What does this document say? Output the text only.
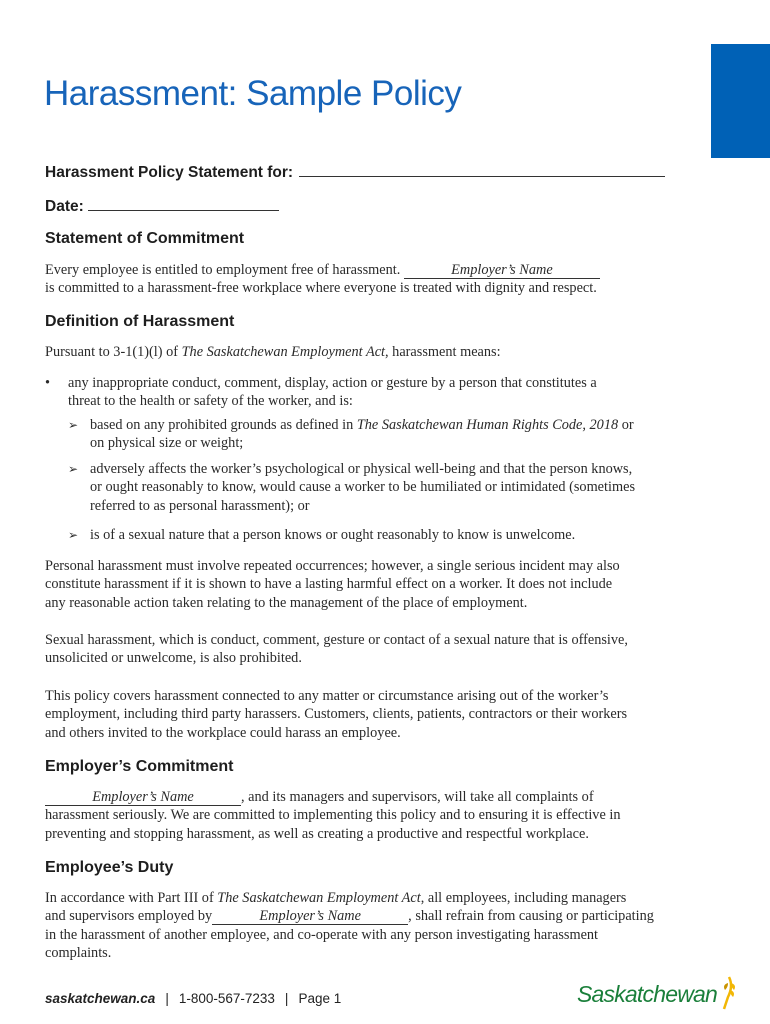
Harassment: Sample Policy
Harassment Policy Statement for:
Date:
Statement of Commitment
Every employee is entitled to employment free of harassment.	Employer’s Name
is committed to a harassment-free workplace where everyone is treated with dignity and respect.
Definition of Harassment
Pursuant to 3-1(1)(l) of The Saskatchewan Employment Act, harassment means:
• any inappropriate conduct, comment, display, action or gesture by a person that constitutes a
threat to the health or safety of the worker, and is:
➢ based on any prohibited grounds as defined in The Saskatchewan Human Rights Code, 2018 or
on physical size or weight;
➢ adversely affects the worker’s psychological or physical well-being and that the person knows,
or ought reasonably to know, would cause a worker to be humiliated or intimidated (sometimes
referred to as personal harassment); or
➢ is of a sexual nature that a person knows or ought reasonably to know is unwelcome.
Personal harassment must involve repeated occurrences; however, a single serious incident may also
constitute harassment if it is shown to have a lasting harmful effect on a worker. It does not include
any reasonable action taken relating to the management of the place of employment.
Sexual harassment, which is conduct, comment, gesture or contact of a sexual nature that is offensive,
unsolicited or unwelcome, is also prohibited.
This policy covers harassment connected to any matter or circumstance arising out of the worker’s
employment, including third party harassers. Customers, clients, patients, contractors or their workers
and others invited to the workplace could harass an employee.
Employer’s Commitment
Employer’s Name	, and its managers and supervisors, will take all complaints of
harassment seriously. We are committed to implementing this policy and to ensuring it is effective in
preventing and stopping harassment, as well as creating a productive and respectful workplace.
Employee’s Duty
In accordance with Part III of The Saskatchewan Employment Act, all employees, including managers
and supervisors employed by	Employer’s Name	, shall refrain from causing or participating
in the harassment of another employee, and co-operate with any person investigating harassment
complaints.
saskatchewan.ca | 1-800-567-7233 | Page 1	Saskatchewan
